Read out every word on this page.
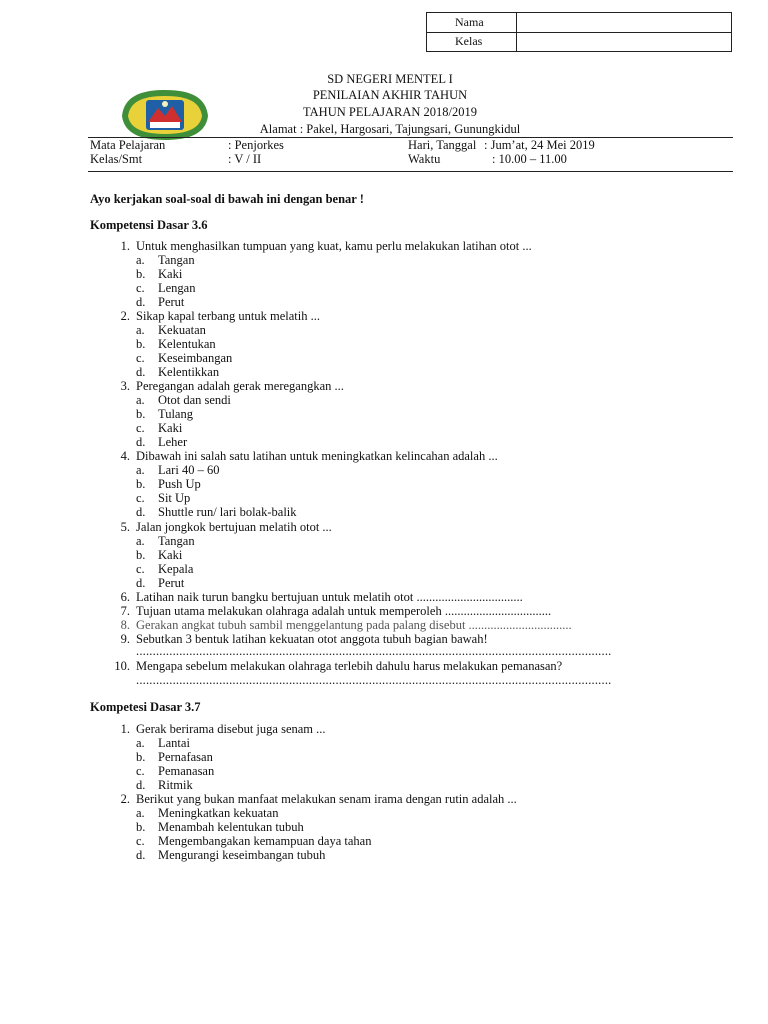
Nama	
Kelas	
SD NEGERI MENTEL I
PENILAIAN AKHIR TAHUN
TAHUN PELAJARAN 2018/2019
Alamat : Pakel, Hargosari, Tajungsari, Gunungkidul
Mata Pelajaran	: Penjorkes	Hari, Tanggal : Jum’at, 24 Mei 2019
Kelas/Smt	: V / II	Waktu	: 10.00 – 11.00
Ayo kerjakan soal-soal di bawah ini dengan benar !
Kompetensi Dasar 3.6
1. Untuk menghasilkan tumpuan yang kuat, kamu perlu melakukan latihan otot ...
a. Tangan
b. Kaki
c. Lengan
d. Perut
2. Sikap kapal terbang untuk melatih ...
a. Kekuatan
b. Kelentukan
c. Keseimbangan
d. Kelentikkan
3. Peregangan adalah gerak meregangkan ...
a. Otot dan sendi
b. Tulang
c. Kaki
d. Leher
4. Dibawah ini salah satu latihan untuk meningkatkan kelincahan adalah ...
a. Lari 40 – 60
b. Push Up
c. Sit Up
d. Shuttle run/ lari bolak-balik
5. Jalan jongkok bertujuan melatih otot ...
a. Tangan
b. Kaki
c. Kepala
d. Perut
6. Latihan naik turun bangku bertujuan untuk melatih otot ..................................
7. Tujuan utama melakukan olahraga adalah untuk memperoleh ..................................
8. Gerakan angkat tubuh sambil menggelantung pada palang disebut .................................
9. Sebutkan 3 bentuk latihan kekuatan otot anggota tubuh bagian bawah!
...............................................................................................................................................
10. Mengapa sebelum melakukan olahraga terlebih dahulu harus melakukan pemanasan?
...............................................................................................................................................
Kompetesi Dasar 3.7
1. Gerak berirama disebut juga senam ...
a. Lantai
b. Pernafasan
c. Pemanasan
d. Ritmik
2. Berikut yang bukan manfaat melakukan senam irama dengan rutin adalah ...
a. Meningkatkan kekuatan
b. Menambah kelentukan tubuh
c. Mengembangakan kemampuan daya tahan
d. Mengurangi keseimbangan tubuh
